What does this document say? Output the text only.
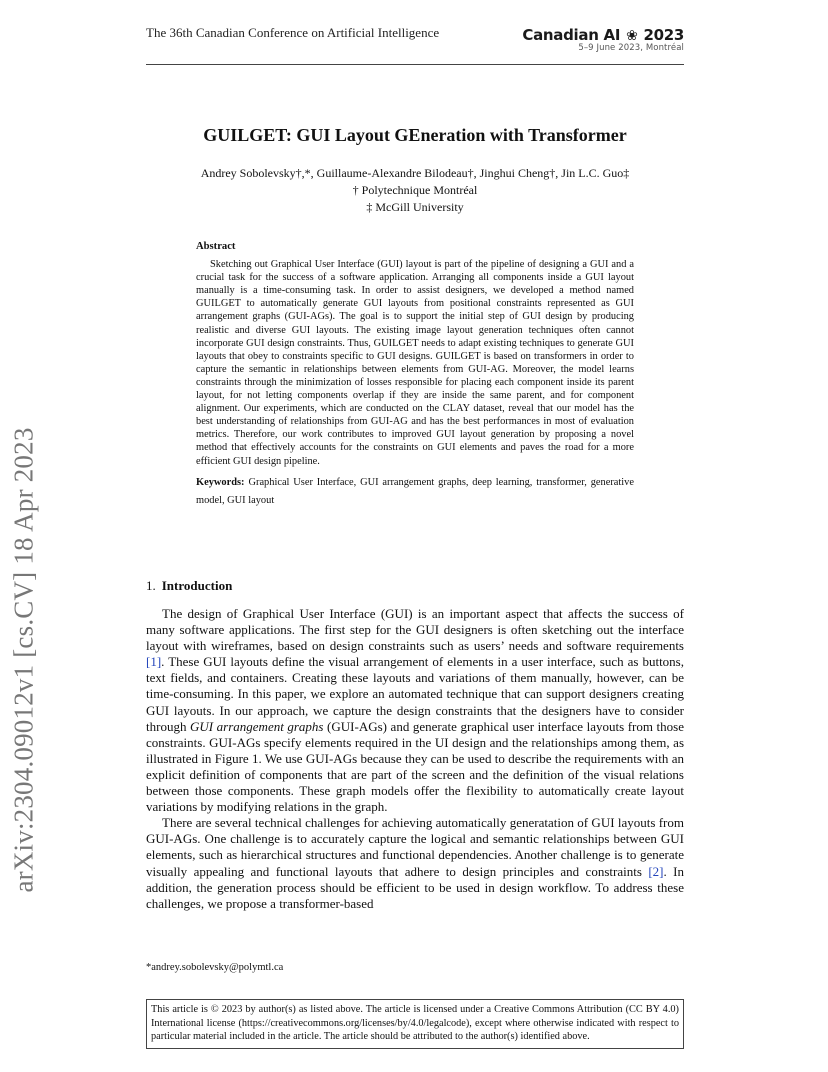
The 36th Canadian Conference on Artificial Intelligence	Canadian AI ❀ 2023
5–9 June 2023, Montréal
arXiv:2304.09012v1 [cs.CV] 18 Apr 2023
GUILGET: GUI Layout GEneration with Transformer
Andrey Sobolevsky†,*, Guillaume-Alexandre Bilodeau†, Jinghui Cheng†, Jin L.C. Guo‡
† Polytechnique Montréal
‡ McGill University
Abstract

Sketching out Graphical User Interface (GUI) layout is part of the pipeline of designing a GUI and a crucial task for the success of a software application. Arranging all components inside a GUI layout manually is a time-consuming task. In order to assist designers, we developed a method named GUILGET to automatically generate GUI layouts from positional constraints represented as GUI arrangement graphs (GUI-AGs). The goal is to support the initial step of GUI design by producing realistic and diverse GUI layouts. The existing image layout generation techniques often cannot incorporate GUI design constraints. Thus, GUILGET needs to adapt existing techniques to generate GUI layouts that obey to constraints specific to GUI designs. GUILGET is based on transformers in order to capture the semantic in relationships between elements from GUI-AG. Moreover, the model learns constraints through the minimization of losses responsible for placing each component inside its parent layout, for not letting components overlap if they are inside the same parent, and for component alignment. Our experiments, which are conducted on the CLAY dataset, reveal that our model has the best understanding of relationships from GUI-AG and has the best performances in most of evaluation metrics. Therefore, our work contributes to improved GUI layout generation by proposing a novel method that effectively accounts for the constraints on GUI elements and paves the road for a more efficient GUI design pipeline.

Keywords: Graphical User Interface, GUI arrangement graphs, deep learning, transformer, generative model, GUI layout
1. Introduction

The design of Graphical User Interface (GUI) is an important aspect that affects the success of many software applications. The first step for the GUI designers is often sketching out the interface layout with wireframes, based on design constraints such as users’ needs and software requirements [1]. These GUI layouts define the visual arrangement of elements in a user interface, such as buttons, text fields, and containers. Creating these layouts and variations of them manually, however, can be time-consuming. In this paper, we explore an automated technique that can support designers creating GUI layouts. In our approach, we capture the design constraints that the designers have to consider through GUI arrangement graphs (GUI-AGs) and generate graphical user interface layouts from those constraints. GUI-AGs specify elements required in the UI design and the relationships among them, as illustrated in Figure 1. We use GUI-AGs because they can be used to describe the requirements with an explicit definition of components that are part of the screen and the definition of the visual relations between those components. These graph models offer the flexibility to automatically create layout variations by modifying relations in the graph.

There are several technical challenges for achieving automatically generatation of GUI layouts from GUI-AGs. One challenge is to accurately capture the logical and semantic relationships between GUI elements, such as hierarchical structures and functional dependencies. Another challenge is to generate visually appealing and functional layouts that adhere to design principles and constraints [2]. In addition, the generation process should be efficient to be used in design workflow. To address these challenges, we propose a transformer-based

*andrey.sobolevsky@polymtl.ca
This article is © 2023 by author(s) as listed above. The article is licensed under a Creative Commons Attribution (CC BY 4.0) International license (https://creativecommons.org/licenses/by/4.0/legalcode), except where otherwise indicated with respect to particular material included in the article. The article should be attributed to the author(s) identified above.
